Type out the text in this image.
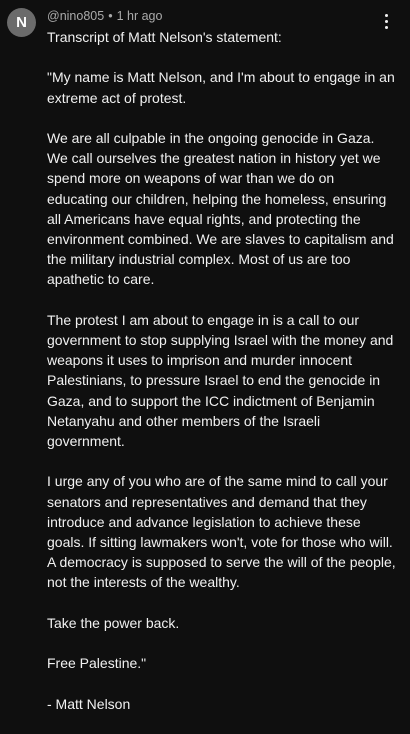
N	@nino805 • 1 hr ago

Transcript of Matt Nelson's statement:

"My name is Matt Nelson, and I'm about to engage in an extreme act of protest.

We are all culpable in the ongoing genocide in Gaza. We call ourselves the greatest nation in history yet we spend more on weapons of war than we do on educating our children, helping the homeless, ensuring all Americans have equal rights, and protecting the environment combined. We are slaves to capitalism and the military industrial complex. Most of us are too apathetic to care.

The protest I am about to engage in is a call to our government to stop supplying Israel with the money and weapons it uses to imprison and murder innocent Palestinians, to pressure Israel to end the genocide in Gaza, and to support the ICC indictment of Benjamin Netanyahu and other members of the Israeli government.

I urge any of you who are of the same mind to call your senators and representatives and demand that they introduce and advance legislation to achieve these goals. If sitting lawmakers won't, vote for those who will. A democracy is supposed to serve the will of the people, not the interests of the wealthy.

Take the power back.

Free Palestine."

- Matt Nelson
